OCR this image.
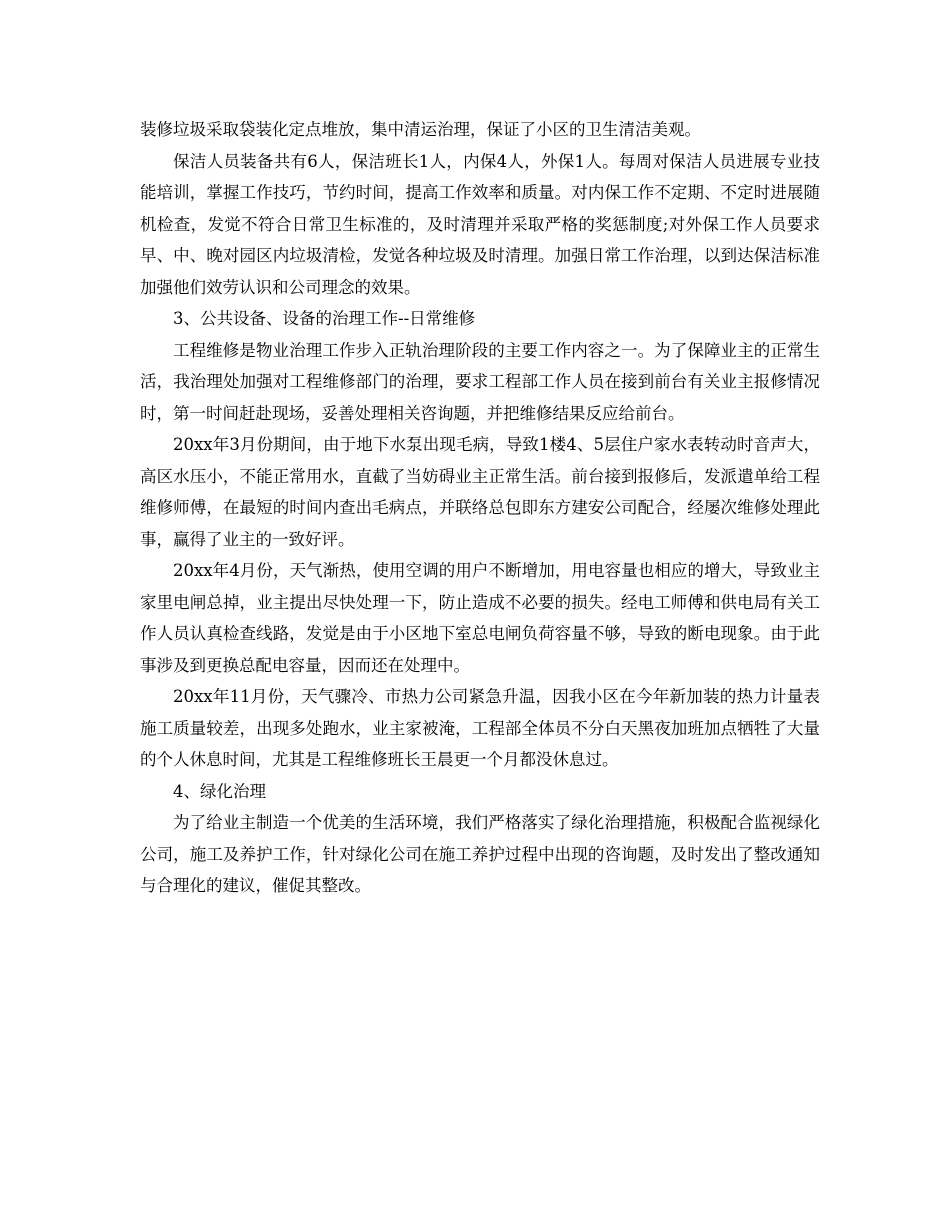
装修垃圾采取袋装化定点堆放，集中清运治理，保证了小区的卫生清洁美观。

保洁人员装备共有6人，保洁班长1人，内保4人，外保1人。每周对保洁人员进展专业技能培训，掌握工作技巧，节约时间，提高工作效率和质量。对内保工作不定期、不定时进展随机检查，发觉不符合日常卫生标准的，及时清理并采取严格的奖惩制度;对外保工作人员要求早、中、晚对园区内垃圾清检，发觉各种垃圾及时清理。加强日常工作治理，以到达保洁标准加强他们效劳认识和公司理念的效果。

3、公共设备、设备的治理工作--日常维修

工程维修是物业治理工作步入正轨治理阶段的主要工作内容之一。为了保障业主的正常生活，我治理处加强对工程维修部门的治理，要求工程部工作人员在接到前台有关业主报修情况时，第一时间赶赴现场，妥善处理相关咨询题，并把维修结果反应给前台。

20xx年3月份期间，由于地下水泵出现毛病，导致1楼4、5层住户家水表转动时音声大，高区水压小，不能正常用水，直截了当妨碍业主正常生活。前台接到报修后，发派遣单给工程维修师傅，在最短的时间内查出毛病点，并联络总包即东方建安公司配合，经屡次维修处理此事，赢得了业主的一致好评。

20xx年4月份，天气渐热，使用空调的用户不断增加，用电容量也相应的增大，导致业主家里电闸总掉，业主提出尽快处理一下，防止造成不必要的损失。经电工师傅和供电局有关工作人员认真检查线路，发觉是由于小区地下室总电闸负荷容量不够，导致的断电现象。由于此事涉及到更换总配电容量，因而还在处理中。

20xx年11月份，天气骤冷、市热力公司紧急升温，因我小区在今年新加装的热力计量表施工质量较差，出现多处跑水，业主家被淹，工程部全体员不分白天黑夜加班加点牺牲了大量的个人休息时间，尤其是工程维修班长王晨更一个月都没休息过。

4、绿化治理

为了给业主制造一个优美的生活环境，我们严格落实了绿化治理措施，积极配合监视绿化公司，施工及养护工作，针对绿化公司在施工养护过程中出现的咨询题，及时发出了整改通知与合理化的建议，催促其整改。
